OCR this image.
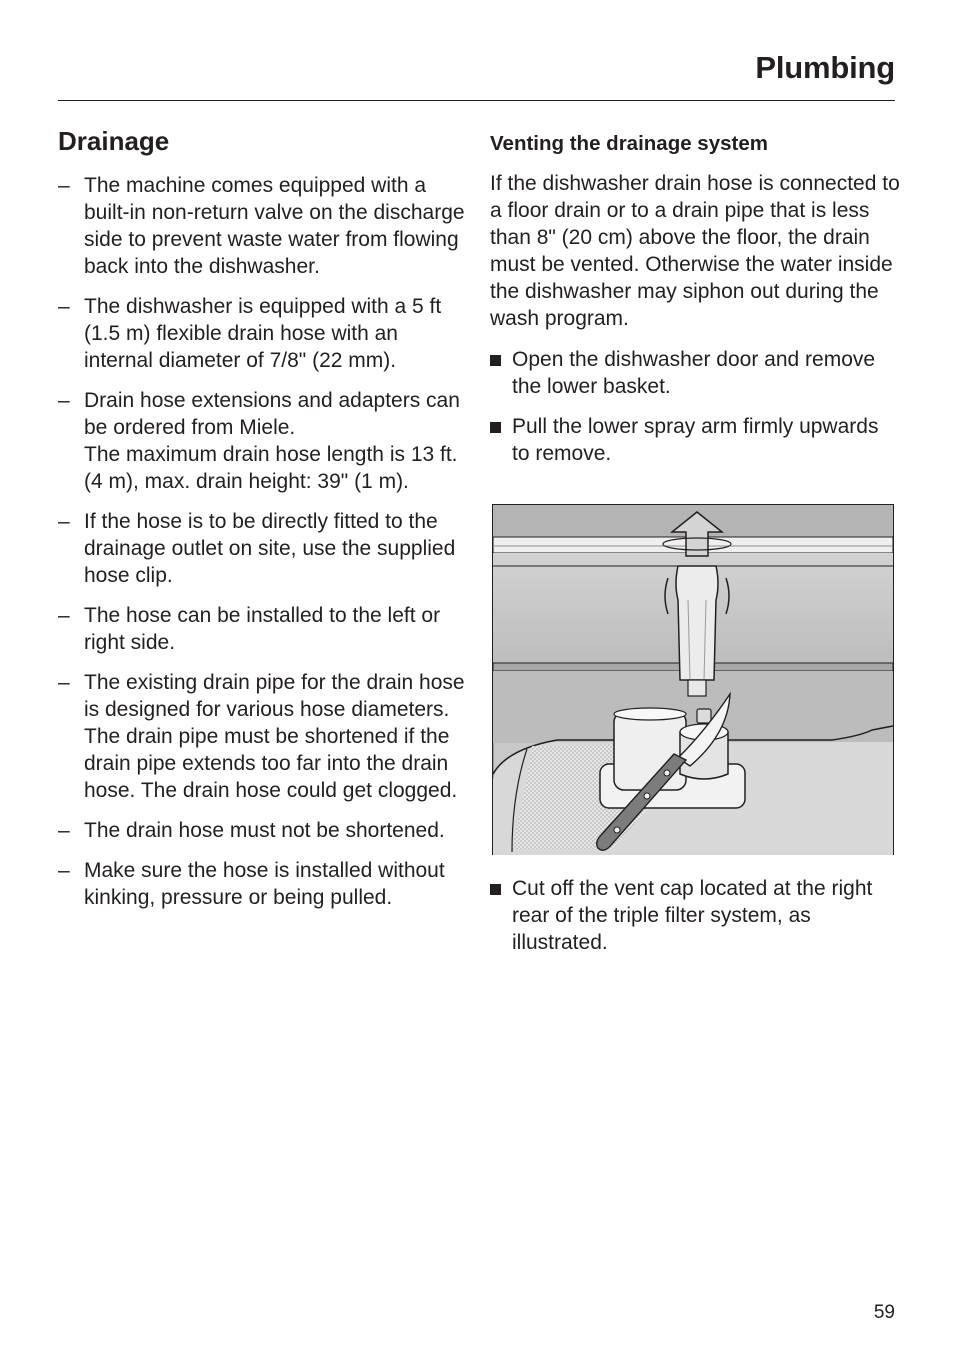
Plumbing
Drainage
– The machine comes equipped with a built-in non-return valve on the discharge side to prevent waste water from flowing back into the dishwasher.
– The dishwasher is equipped with a 5 ft (1.5 m) flexible drain hose with an internal diameter of 7/8" (22 mm).
– Drain hose extensions and adapters can be ordered from Miele.
The maximum drain hose length is 13 ft. (4 m), max. drain height: 39" (1 m).
– If the hose is to be directly fitted to the drainage outlet on site, use the supplied hose clip.
– The hose can be installed to the left or right side.
– The existing drain pipe for the drain hose is designed for various hose diameters. The drain pipe must be shortened if the drain pipe extends too far into the drain hose. The drain hose could get clogged.
– The drain hose must not be shortened.
– Make sure the hose is installed without kinking, pressure or being pulled.
Venting the drainage system

If the dishwasher drain hose is connected to a floor drain or to a drain pipe that is less than 8" (20 cm) above the floor, the drain must be vented. Otherwise the water inside the dishwasher may siphon out during the wash program.

Open the dishwasher door and remove the lower basket.
Pull the lower spray arm firmly upwards to remove.
Cut off the vent cap located at the right rear of the triple filter system, as illustrated.
59
